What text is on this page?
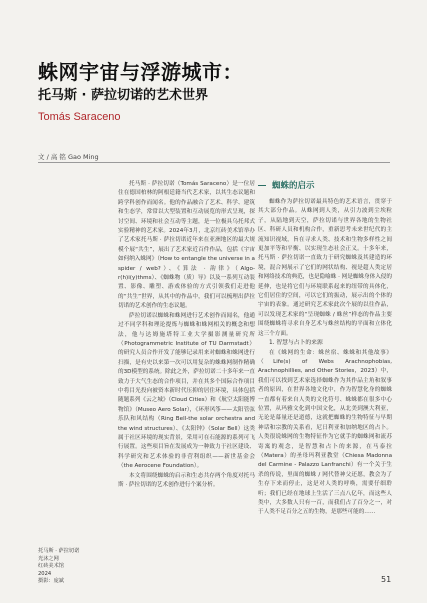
蛛网宇宙与浮游城市：
托马斯 · 萨拉切诺的艺术世界
Tomás Saraceno
文 / 高 铭 Gao Ming

托马斯 · 萨拉切诺（Tomás Saraceno）是一位居住在德国柏林的阿根廷籍当代艺术家，以其生态议题和跨学科创作而闻名。他的作品融合了艺术、科学、建筑和生态学，常常以大型装置和互动展览的形式呈现，探讨空间、环境和社会互动等主题，是一位极具乌托邦式实验精神的艺术家。2024年3月，北京红砖美术馆举办了艺术家托马斯 · 萨拉切诺近年来在亚洲地区的最大规模个展“共生”，展出了艺术家近百件作品，包括《宇宙如何纳入蛛网》（How to entangle the universe in a spider / web?）、《算法 · 韵律》（Algo-r(h)i(y)thms）、《蜘蛛物（质）导》以及一系列互动装置、影像、雕塑、游戏体验的方式引领我们走进他的“共生”世界，从其中的作品中，我们可以梳理出萨拉切诺的艺术创作的生态议题。

萨拉切诺以蜘蛛和蛛网进行艺术创作而闻名，他通过不同学科和理论提炼与蜘蛛和蛛网相关的概念和想法，他与达姆施塔特工业大学摄影测量研究所（Photogrammetric Institute of TU Darmstadt）的研究人员合作开发了能够记录用来对蜘蛛和蛛网进行扫描，是有史以来第一次可以用复杂的蛛蛛网制作精确的3D模型的系统。除此之外，萨拉切诺二十多年来一直致力于大气生态的合作项目，并在其多个国际合作项目中将目光投向被资本新时代压抑的居住环境，具体包括随题系列《云之城》（Cloud Cities）和《航空太阳能博物馆》（Museo Aero Solar），《环形风筝——太阳管弦乐队和风结构（Ring Bell-the solar orchestra and the wind structures）、《太阳钟》（Solar Bell）这类属于社区环境的现实背景，采用可在石能源的系列可飞行展置。这些项目旨在发展成为一种致力于社区建设、科学研究和艺术体验的非营利组织——新世基金会（the Aerocene Foundation）。

本文将围绕蜘蛛的启示和生态共存两个角度对托马斯 · 萨拉切诺的艺术创作进行个案分析。

蜘蛛的启示

蜘蛛作为萨拉切诺最具特色的艺术语言，贯穿于其大部分作品。从蛛网到人类，从引力波到尘埃粒子，从陆地到天空，萨拉切诺与世界各地的生物社区、科研人员和机构合作，重新思考未来世纪代的主流知识视域，旨在寻求人类、技术和生物多样性之间更加平等和平衡、以实现生态社会正义。十多年来，托马斯 · 萨拉切诺一直致力于研究蜘蛛及其建造的环境，混合网展示了它们的网状结构、视是超人类定居和网络技术的典范，也是隐喻蛛 · 网是蜘蛛身体入侵的延伸，也是将它们与环境联系起来的纽带的具体化，它们居住的空间，可以它们的振动，展示出的个体的宇宙的表象。通过研究艺术家此次个展的以往作品，可以发现艺术家的“呈现蜘蛛 / 蛛丝”样态的作品主要围绕蜘蛛将寻求自身艺术与蛛丝结构的平面和立体化这三个方面。

1. 智慧与占卜的来源

在《蛛网的生命：蛛丝宿、蛛蛛和其他故事》（Life(s) of Webs Arachnophobias, Arachnophillies, and Other Stories，2023）中，我们可以找到艺术家选择蜘蛛作为其作品主角和叙事者的原因，在世界各地文化中，作为智慧化身的蜘蛛一直都有着来自人类的文化符号、蛛蛛都在很多中心位置，从玛雅文化到中国文化，从北美到澳大利亚，无论是幕量还是道德，这就把蜘蛛的生物特征与早期神话和宗教的关系看，尼日利亚和加纳地区的占卜。人类很说蛛网的生物特征作为它就手的蜘蛛网和流苏寄寓的观念，是智慧和占卜的来源，在马泰拉（Matera）的圣母玛利亚教堂（Chiesa Madonna del Carmine - Palazzo Lanfranchi）有一个关于生杀的传说，里面的蜘蛛 / 网代替神父还愿，教会为了生存下来而停止，这是对人类的呼唤，需要仔细聆听；我们已经在地球上生活了三点八亿年，而这些人类中，大多数人只有一百，而我们占了百分之一，对于人类不足百分之五的生物，是那些可能的……

托马斯 · 萨拉切诺
光沐之网
红砖美术馆
2024
摄影：庞斌	51
